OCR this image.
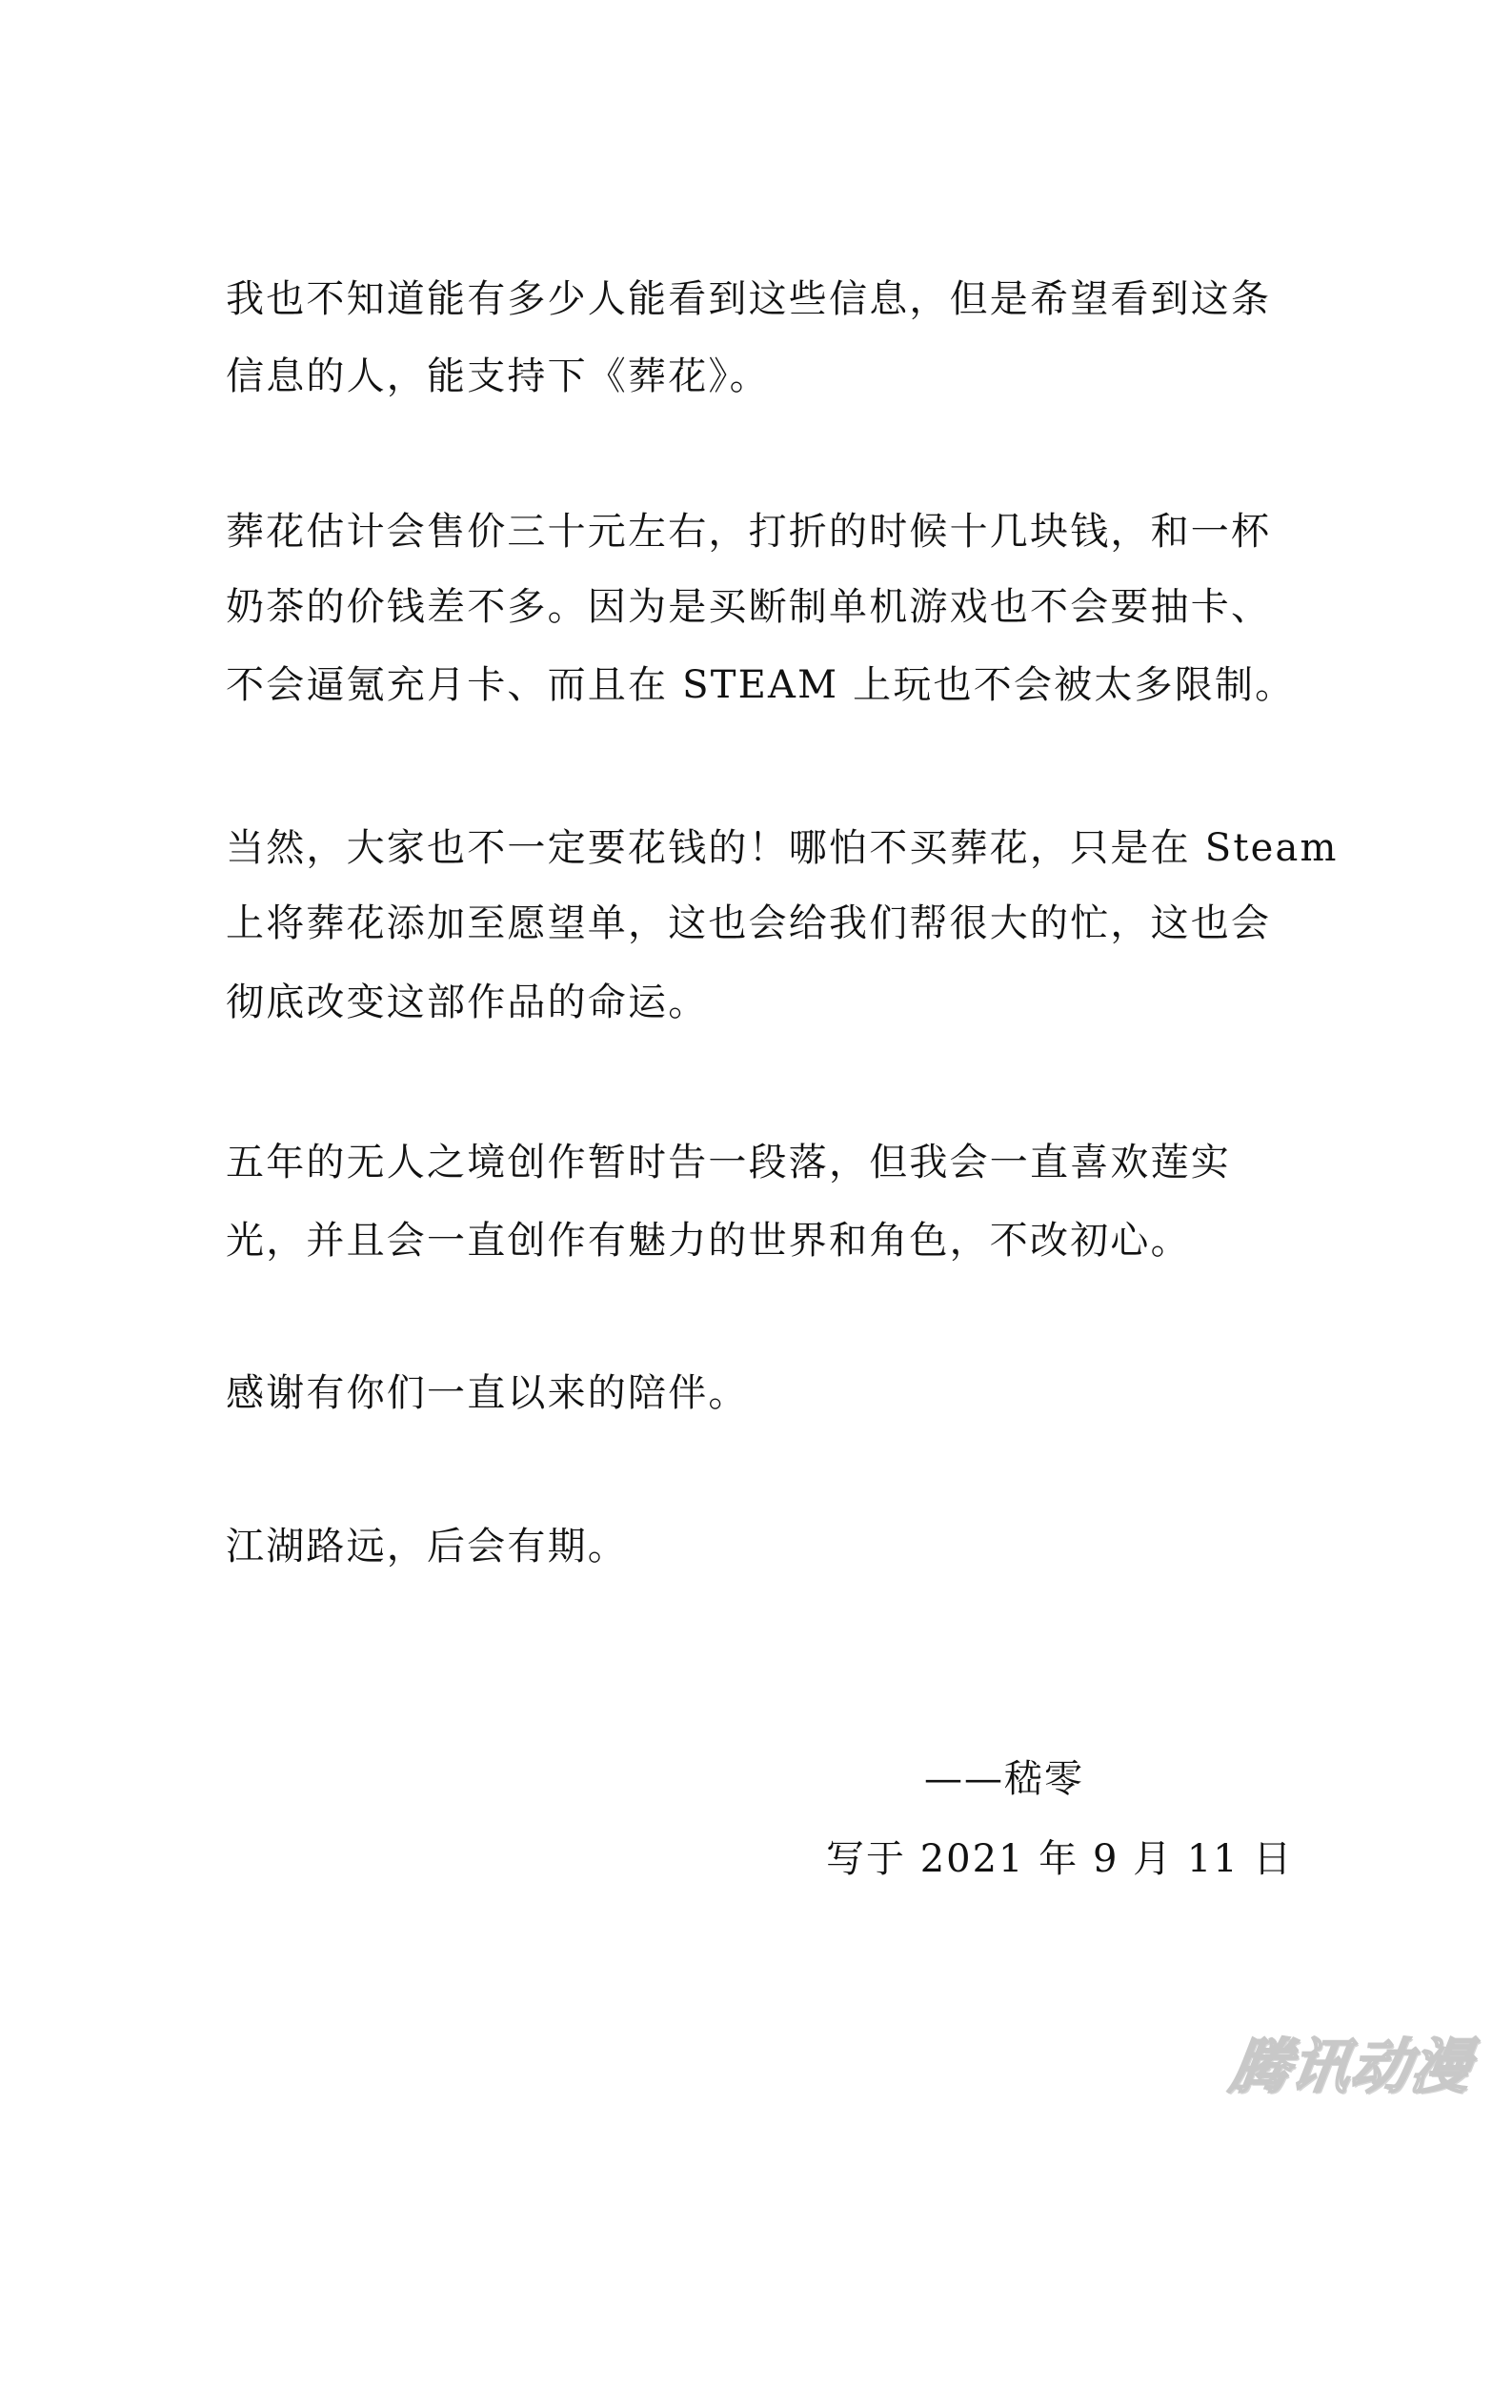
我也不知道能有多少人能看到这些信息，但是希望看到这条
信息的人，能支持下《葬花》。
葬花估计会售价三十元左右，打折的时候十几块钱，和一杯
奶茶的价钱差不多。因为是买断制单机游戏也不会要抽卡、
不会逼氪充月卡、而且在 STEAM 上玩也不会被太多限制。
当然，大家也不一定要花钱的！哪怕不买葬花，只是在 Steam
上将葬花添加至愿望单，这也会给我们帮很大的忙，这也会
彻底改变这部作品的命运。
五年的无人之境创作暂时告一段落，但我会一直喜欢莲实
光，并且会一直创作有魅力的世界和角色，不改初心。
感谢有你们一直以来的陪伴。
江湖路远，后会有期。
——嵇零
写于 2021 年 9 月 11 日
腾讯动漫
